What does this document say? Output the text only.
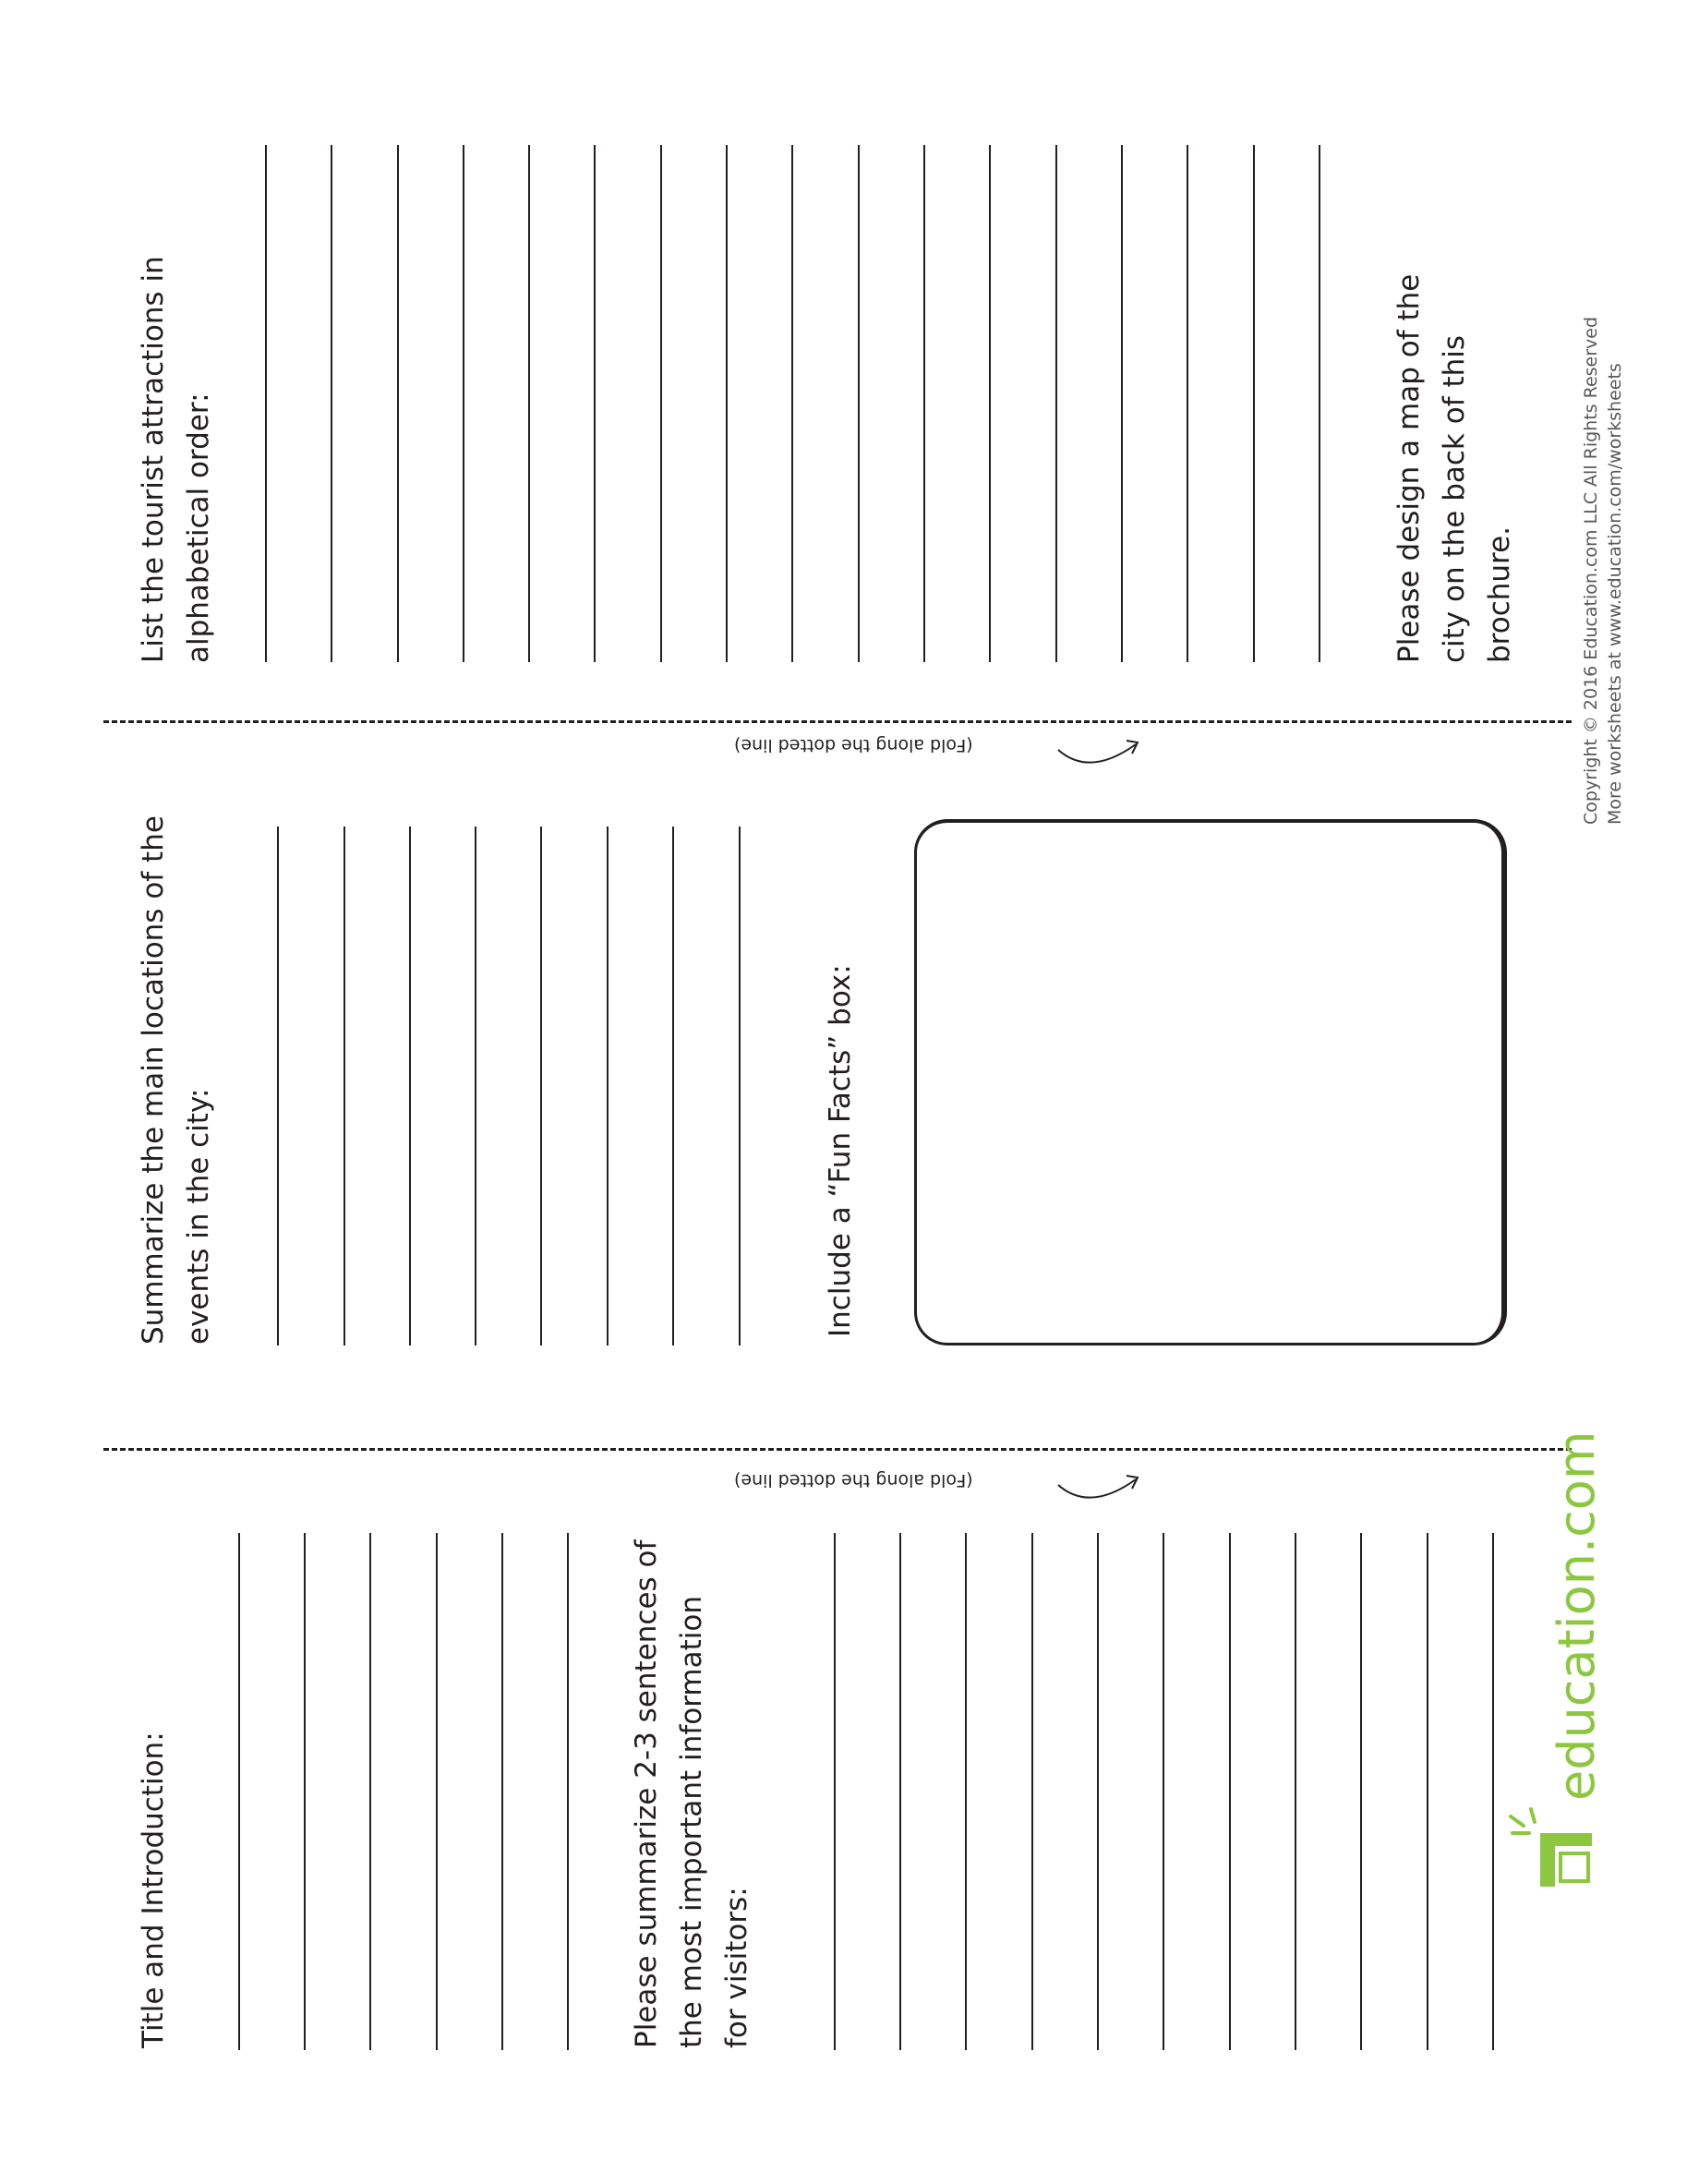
List the tourist attractions in
alphabetical order:
Please design a map of the
city on the back of this
brochure.
(Fold along the dotted line)	Copyright © 2016 Education.com LLC All Rights Reserved
More worksheets at www.education.com/worksheets
Summarize the main locations of the
events in the city:	Include a “Fun Facts” box:
(Fold along the dotted line)
Title and Introduction:	Please summarize 2-3 sentences of
the most important information
for visitors:
education.com
